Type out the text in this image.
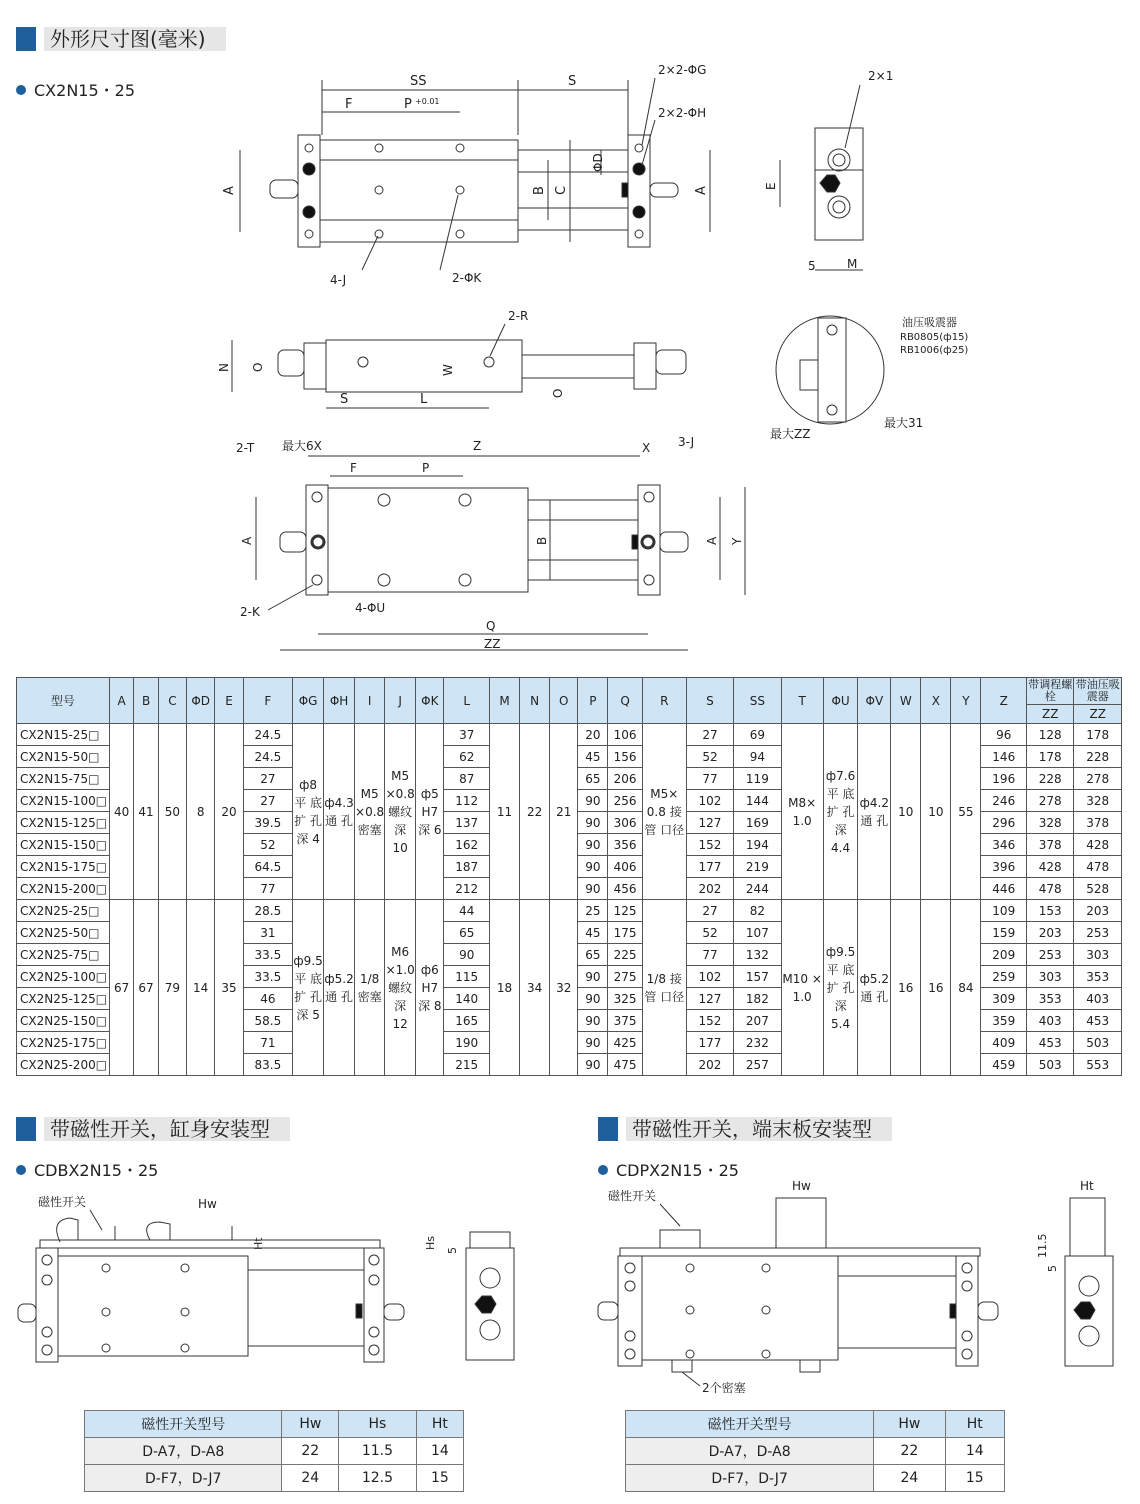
外形尺寸图(毫米)
CX2N15・25	SS	S
F	P +0.01
A	B C
ΦD
A
2×2-ΦG
2×2-ΦH
4-J	2-ΦK
2×1
E
5	M
N O	W
O
2-R
S	L
油压吸震器
RB0805(ф15)
RB1006(ф25)
最大ZZ
最大31
2-T 最大6X	Z	X 3-J
F	P
A	B	A Y
2-K	4-ΦU
Q
ZZ
型号	A	B	C	ΦD	E	F	ΦG	ΦH	I	J	ΦK	L	M	N	O	P	Q	R	S	SS	T	ΦU	ΦV	W	X	Y	Z	带调程螺栓	带油压吸震器
																												ZZ	ZZ
CX2N15-25□	40	41	50	8	20	24.5	ф8 平 底 扩 孔 深 4	ф4.3 通 孔	M5 ×0.8 密塞	M5 ×0.8 螺纹 深 10	ф5 H7 深 6	37	11	22	21	20	106	M5× 0.8 接管 口径	27	69	M8× 1.0	ф7.6 平 底 扩 孔 深 4.4	ф4.2 通 孔	10	10	55	96	128	178
CX2N15-50□						24.5						62				45	156		52	94							146	178	228
CX2N15-75□						27						87				65	206		77	119							196	228	278
CX2N15-100□						27						112				90	256		102	144							246	278	328
CX2N15-125□						39.5						137				90	306		127	169							296	328	378
CX2N15-150□						52						162				90	356		152	194							346	378	428
CX2N15-175□						64.5						187				90	406		177	219							396	428	478
CX2N15-200□						77						212				90	456		202	244							446	478	528
CX2N25-25□	67	67	79	14	35	28.5	ф9.5 平 底 扩 孔 深 5	ф5.2 通 孔	1/8 密塞	M6 ×1.0 螺纹 深 12	ф6 H7 深 8	44	18	34	32	25	125	1/8 接管 口径	27	82	M10 × 1.0	ф9.5 平 底 扩 孔 深 5.4	ф5.2 通 孔	16	16	84	109	153	203
CX2N25-50□						31						65				45	175		52	107							159	203	253
CX2N25-75□						33.5						90				65	225		77	132							209	253	303
CX2N25-100□						33.5						115				90	275		102	157							259	303	353
CX2N25-125□						46						140				90	325		127	182							309	353	403
CX2N25-150□						58.5						165				90	375		152	207							359	403	453
CX2N25-175□						71						190				90	425		177	232							409	453	503
CX2N25-200□						83.5						215				90	475		202	257							459	503	553
带磁性开关，缸身安装型
CDBX2N15・25
磁性开关	Hw
Ht	Hs
5
磁性开关型号	Hw	Hs	Ht
D-A7，D-A8	22	11.5	14
D-F7，D-J7	24	12.5	15
带磁性开关，端末板安装型
CDPX2N15・25
磁性开关
Hw
2个密塞
Ht
11.5
5
磁性开关型号	Hw	Ht
D-A7，D-A8	22	14
D-F7，D-J7	24	15
